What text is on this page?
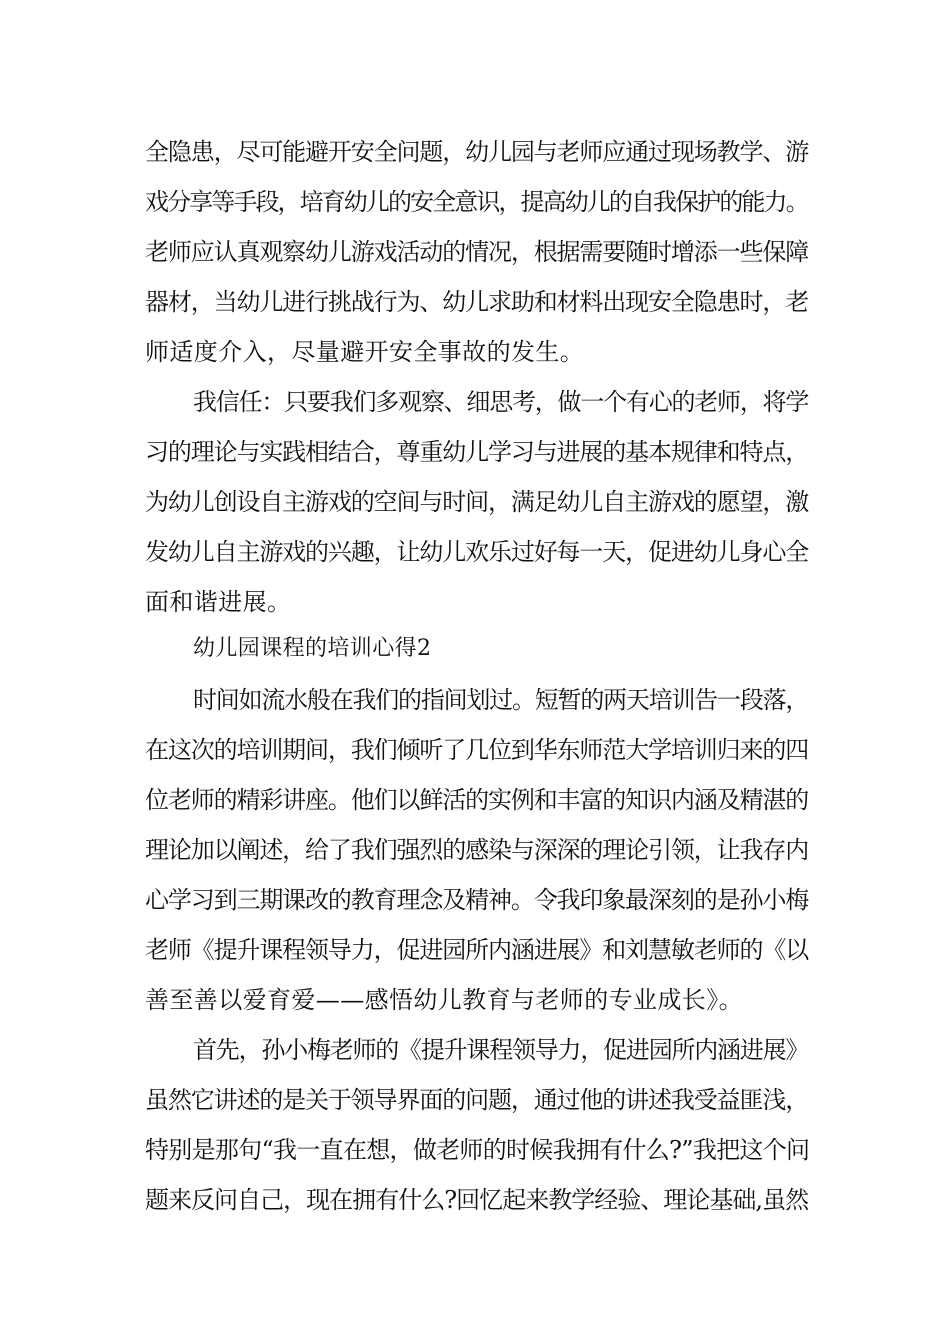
全隐患，尽可能避开安全问题，幼儿园与老师应通过现场教学、游

戏分享等手段，培育幼儿的安全意识，提高幼儿的自我保护的能力。

老师应认真观察幼儿游戏活动的情况，根据需要随时增添一些保障

器材，当幼儿进行挑战行为、幼儿求助和材料出现安全隐患时，老

师适度介入，尽量避开安全事故的发生。

我信任：只要我们多观察、细思考，做一个有心的老师，将学

习的理论与实践相结合，尊重幼儿学习与进展的基本规律和特点，

为幼儿创设自主游戏的空间与时间，满足幼儿自主游戏的愿望，激

发幼儿自主游戏的兴趣，让幼儿欢乐过好每一天，促进幼儿身心全

面和谐进展。

幼儿园课程的培训心得2

时间如流水般在我们的指间划过。短暂的两天培训告一段落，

在这次的培训期间，我们倾听了几位到华东师范大学培训归来的四

位老师的精彩讲座。他们以鲜活的实例和丰富的知识内涵及精湛的

理论加以阐述，给了我们强烈的感染与深深的理论引领，让我存内

心学习到三期课改的教育理念及精神。令我印象最深刻的是孙小梅

老师《提升课程领导力，促进园所内涵进展》和刘慧敏老师的《以

善至善以爱育爱——感悟幼儿教育与老师的专业成长》。

首先，孙小梅老师的《提升课程领导力，促进园所内涵进展》

虽然它讲述的是关于领导界面的问题，通过他的讲述我受益匪浅，

特别是那句“我一直在想，做老师的时候我拥有什么?”我把这个问

题来反问自己，现在拥有什么?回忆起来教学经验、理论基础,虽然
